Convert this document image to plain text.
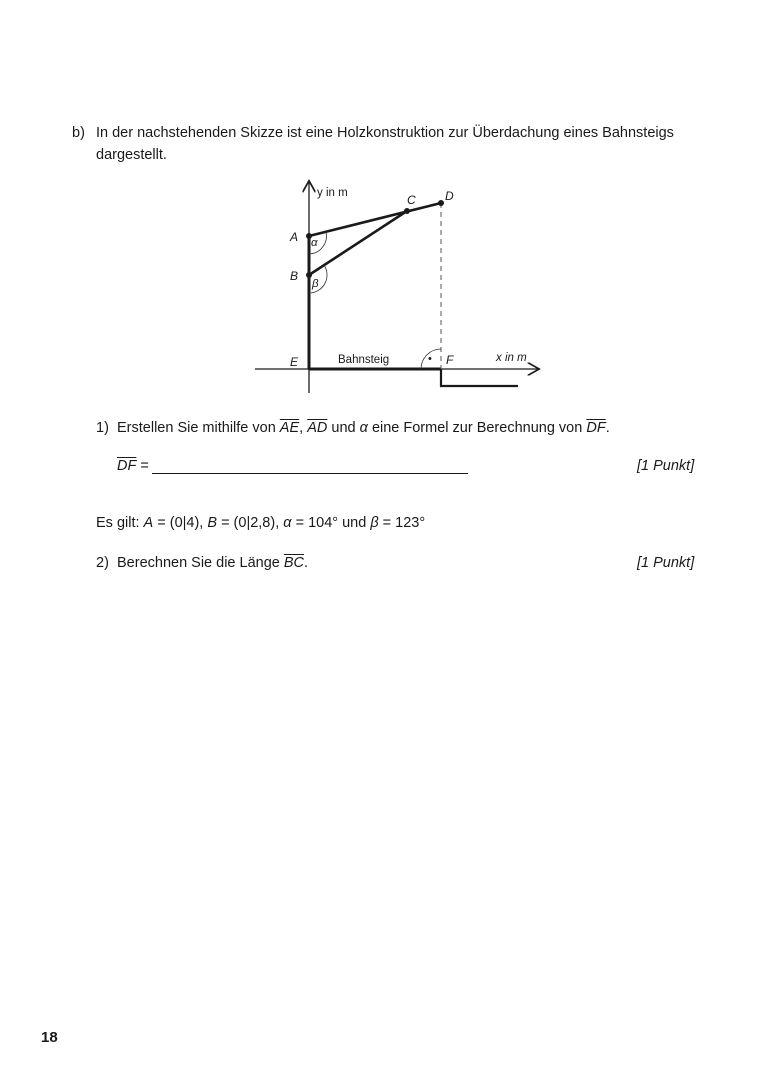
b) In der nachstehenden Skizze ist eine Holzkonstruktion zur Überdachung eines Bahnsteigs
dargestellt.
y in m
x in m
Bahnsteig
A
B
C D
E	F
α
β
•
1) Erstellen Sie mithilfe von $\overline{AE}$, $\overline{AD}$ und α eine Formel zur Berechnung von $\overline{DF}$.
$\overline{DF}$ =	[1 Punkt]
Es gilt: A = (0|4), B = (0|2,8), α = 104° und β = 123°
2) Berechnen Sie die Länge $\overline{BC}$.	[1 Punkt]
18
